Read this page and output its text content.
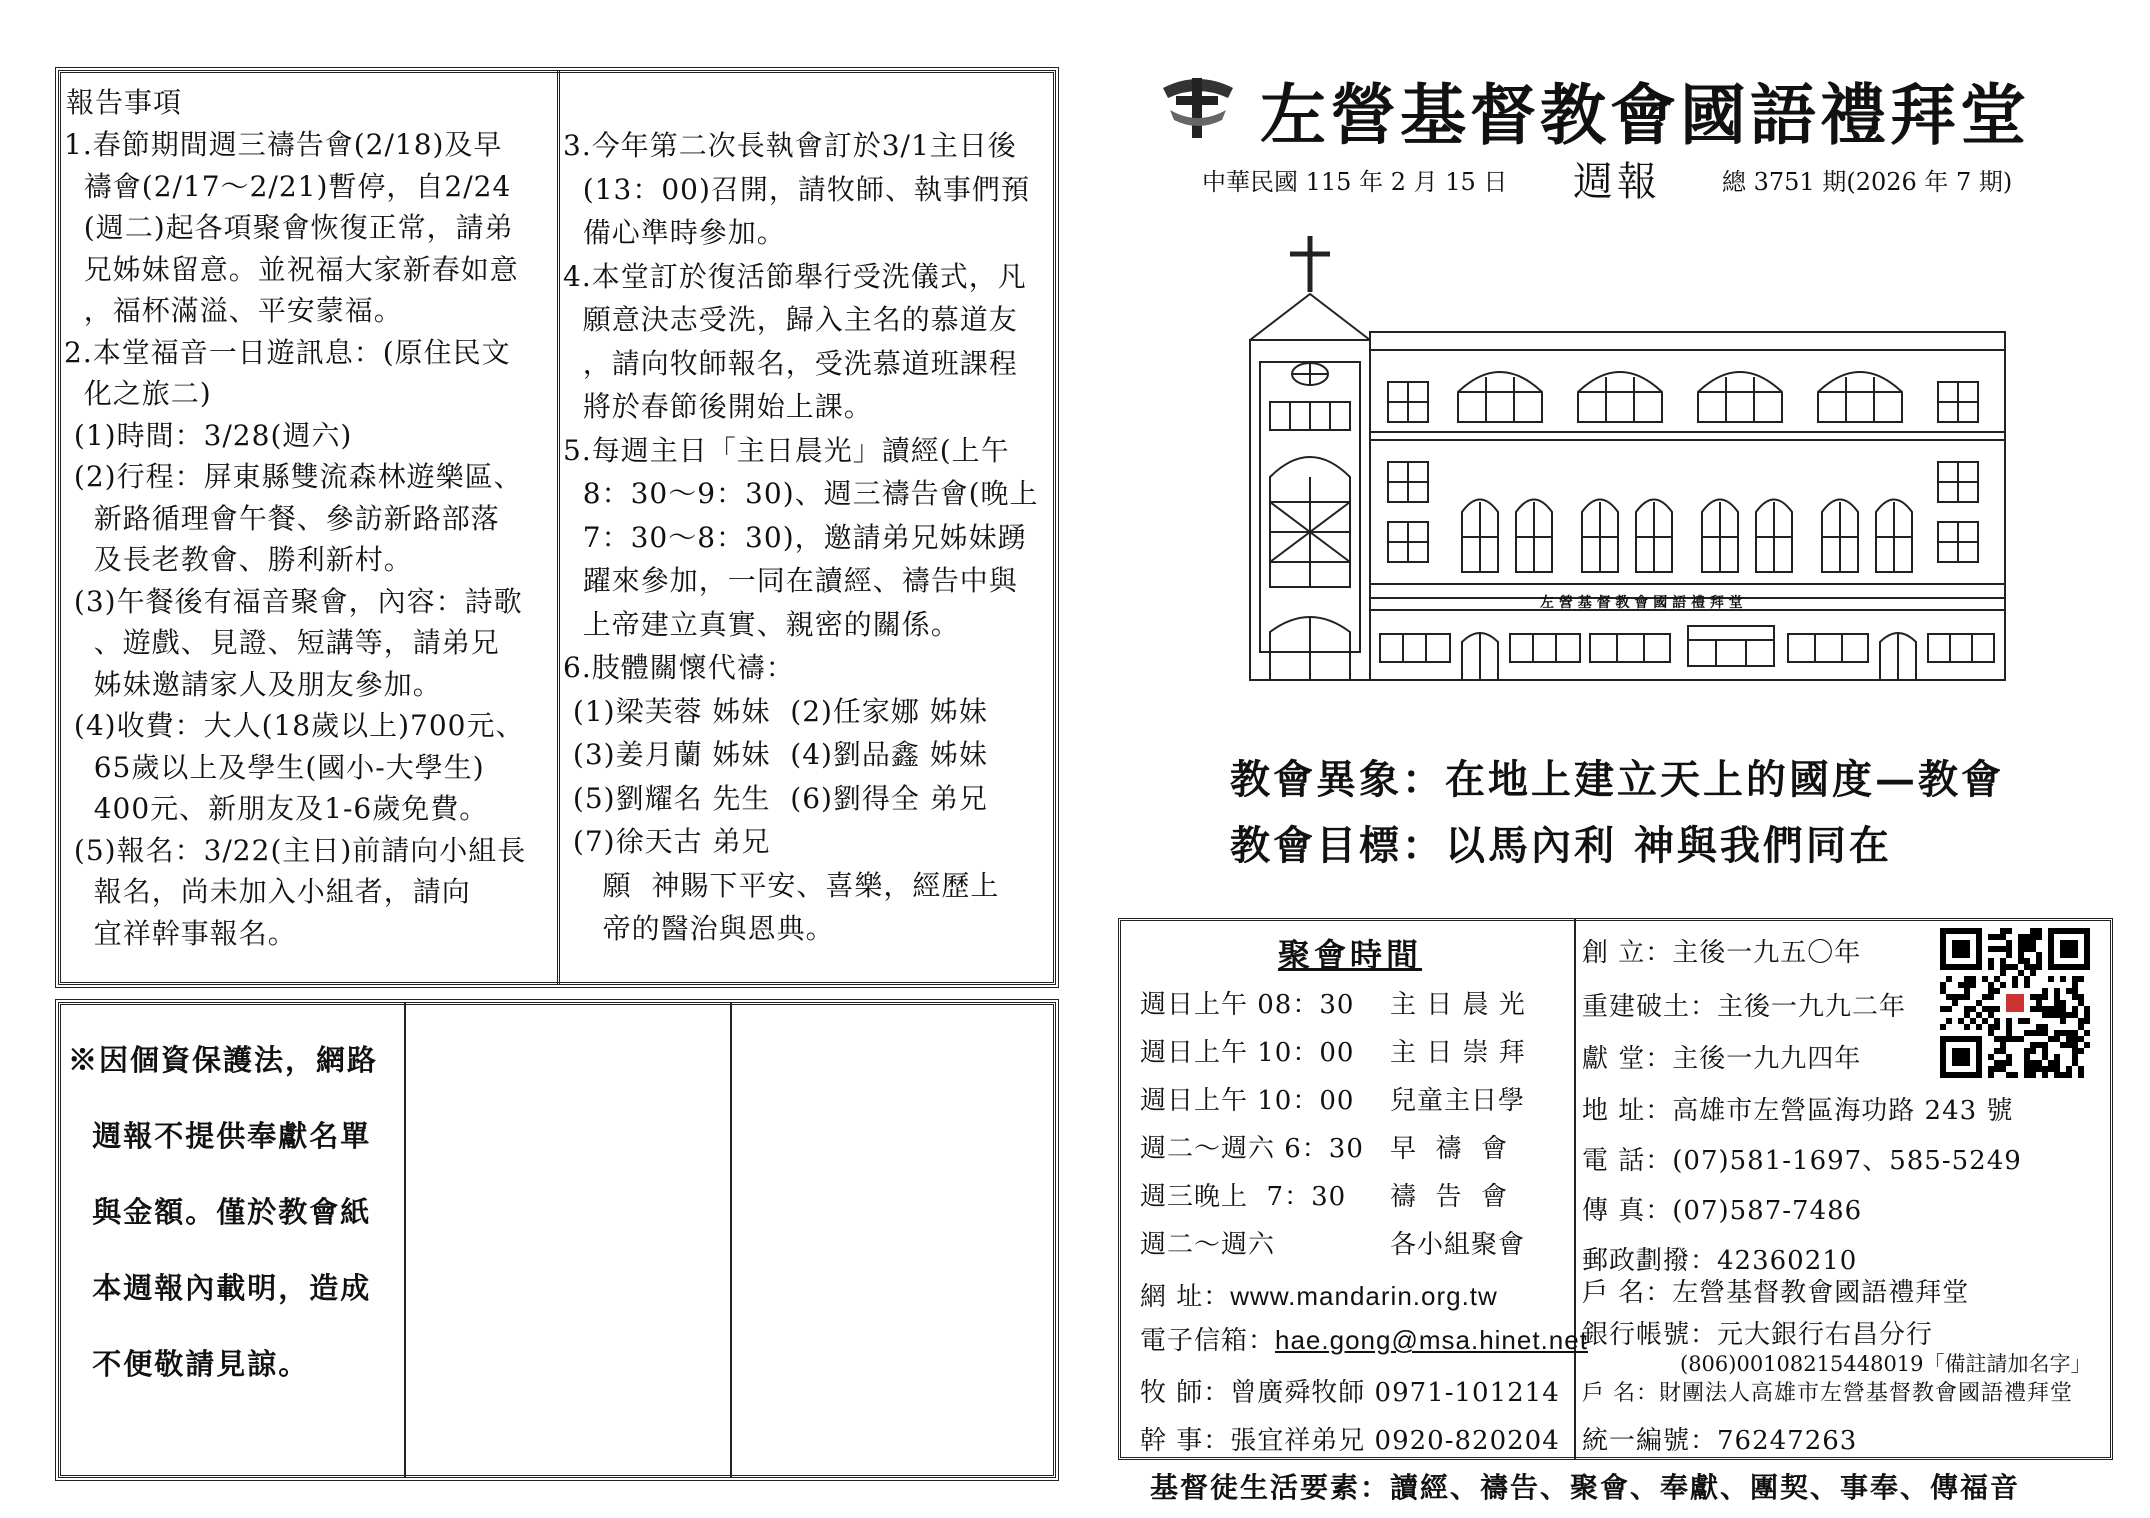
報告事項
1.春節期間週三禱告會(2/18)及早
禱會(2/17～2/21)暫停，自2/24
(週二)起各項聚會恢復正常，請弟
兄姊妹留意。並祝福大家新春如意
，福杯滿溢、平安蒙福。
2.本堂福音一日遊訊息：(原住民文
化之旅二)
(1)時間：3/28(週六)
(2)行程：屏東縣雙流森林遊樂區、
新路循理會午餐、參訪新路部落
及長老教會、勝利新村。
(3)午餐後有福音聚會，內容：詩歌
、遊戲、見證、短講等，請弟兄
姊妹邀請家人及朋友參加。
(4)收費：大人(18歲以上)700元、
65歲以上及學生(國小-大學生)
400元、新朋友及1-6歲免費。
(5)報名：3/22(主日)前請向小組長
報名，尚未加入小組者，請向
宜祥幹事報名。
3.今年第二次長執會訂於3/1主日後
(13：00)召開，請牧師、執事們預
備心準時參加。
4.本堂訂於復活節舉行受洗儀式，凡
願意決志受洗，歸入主名的慕道友
，請向牧師報名，受洗慕道班課程
將於春節後開始上課。
5.每週主日「主日晨光」讀經(上午
8：30～9：30)、週三禱告會(晚上
7：30～8：30)，邀請弟兄姊妹踴
躍來參加，一同在讀經、禱告中與
上帝建立真實、親密的關係。
6.肢體關懷代禱：
(1)梁芙蓉 姊妹  (2)任家娜 姊妹
(3)姜月蘭 姊妹  (4)劉品鑫 姊妹
(5)劉耀名 先生  (6)劉得全 弟兄
(7)徐天古 弟兄
願  神賜下平安、喜樂，經歷上
帝的醫治與恩典。
※因個資保護法，網路
週報不提供奉獻名單
與金額。僅於教會紙
本週報內載明，造成
不便敬請見諒。
左營基督教會國語禮拜堂
中華民國 115 年 2 月 15 日 週報	總 3751 期(2026 年 7 期)
左 營 基 督 教 會 國 語 禮 拜 堂
教會異象：在地上建立天上的國度—教會
教會目標：以馬內利 神與我們同在
聚會時間
週日上午 08：30 主 日 晨 光
週日上午 10：00 主 日 崇 拜
週日上午 10：00 兒童主日學
週二～週六 6：30 早  禱  會
週三晚上  7：30 禱  告  會
週二～週六	各小組聚會
網 址：www.mandarin.org.tw
電子信箱：hae.gong@msa.hinet.net
牧 師：曾廣舜牧師 0971-101214
幹 事：張宜祥弟兄 0920-820204
創 立：主後一九五〇年
重建破土：主後一九九二年
獻 堂：主後一九九四年
地 址：高雄市左營區海功路 243 號
電 話：(07)581-1697、585-5249
傳 真：(07)587-7486
郵政劃撥：42360210
戶 名：左營基督教會國語禮拜堂
銀行帳號：元大銀行右昌分行
(806)00108215448019「備註請加名字」
戶 名：財團法人高雄市左營基督教會國語禮拜堂
統一編號：76247263
基督徒生活要素：讀經、禱告、聚會、奉獻、團契、事奉、傳福音
